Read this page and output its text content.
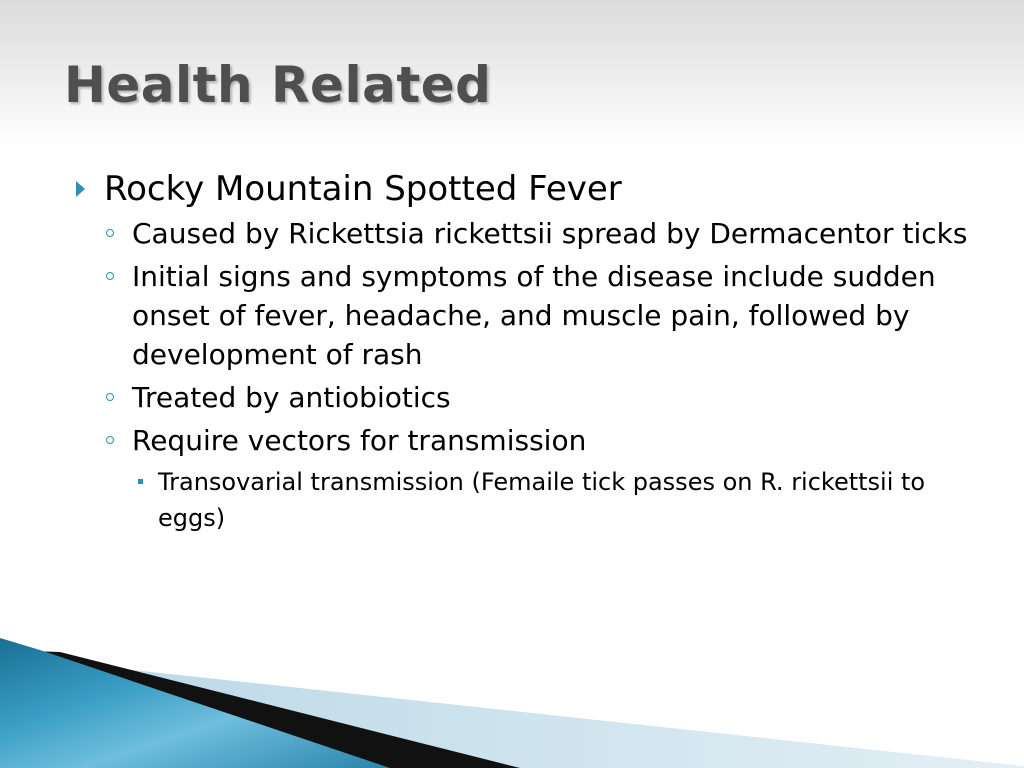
Health Related
Rocky Mountain Spotted Fever
Caused by Rickettsia rickettsii spread by Dermacentor ticks
Initial signs and symptoms of the disease include sudden onset of fever, headache, and muscle pain, followed by development of rash
Treated by antiobiotics
Require vectors for transmission
Transovarial transmission (Femaile tick passes on R. rickettsii to eggs)
